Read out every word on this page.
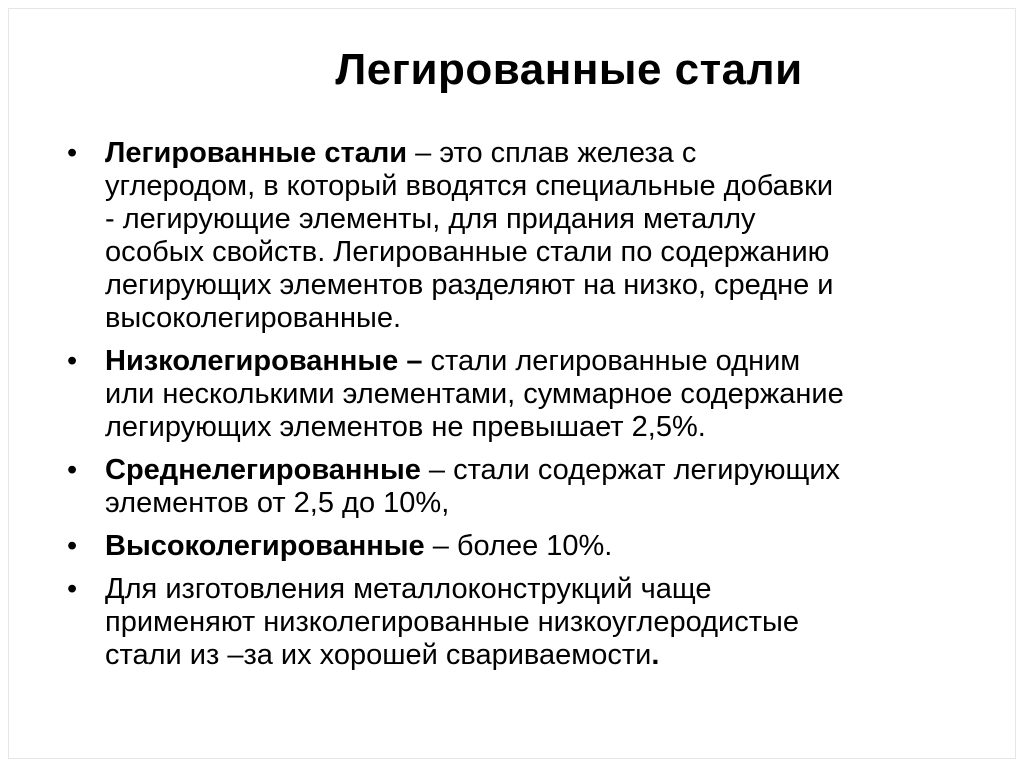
Легированные стали
• Легированные стали – это сплав железа с
углеродом, в который вводятся специальные добавки
- легирующие элементы, для придания металлу
особых свойств. Легированные стали по содержанию
легирующих элементов разделяют на низко, средне и
высоколегированные.
• Низколегированные – стали легированные одним
или несколькими элементами, суммарное содержание
легирующих элементов не превышает 2,5%.
• Среднелегированные – стали содержат легирующих
элементов от 2,5 до 10%,
• Высоколегированные – более 10%.
• Для изготовления металлоконструкций чаще
применяют низколегированные низкоуглеродистые
стали из –за их хорошей свариваемости.
